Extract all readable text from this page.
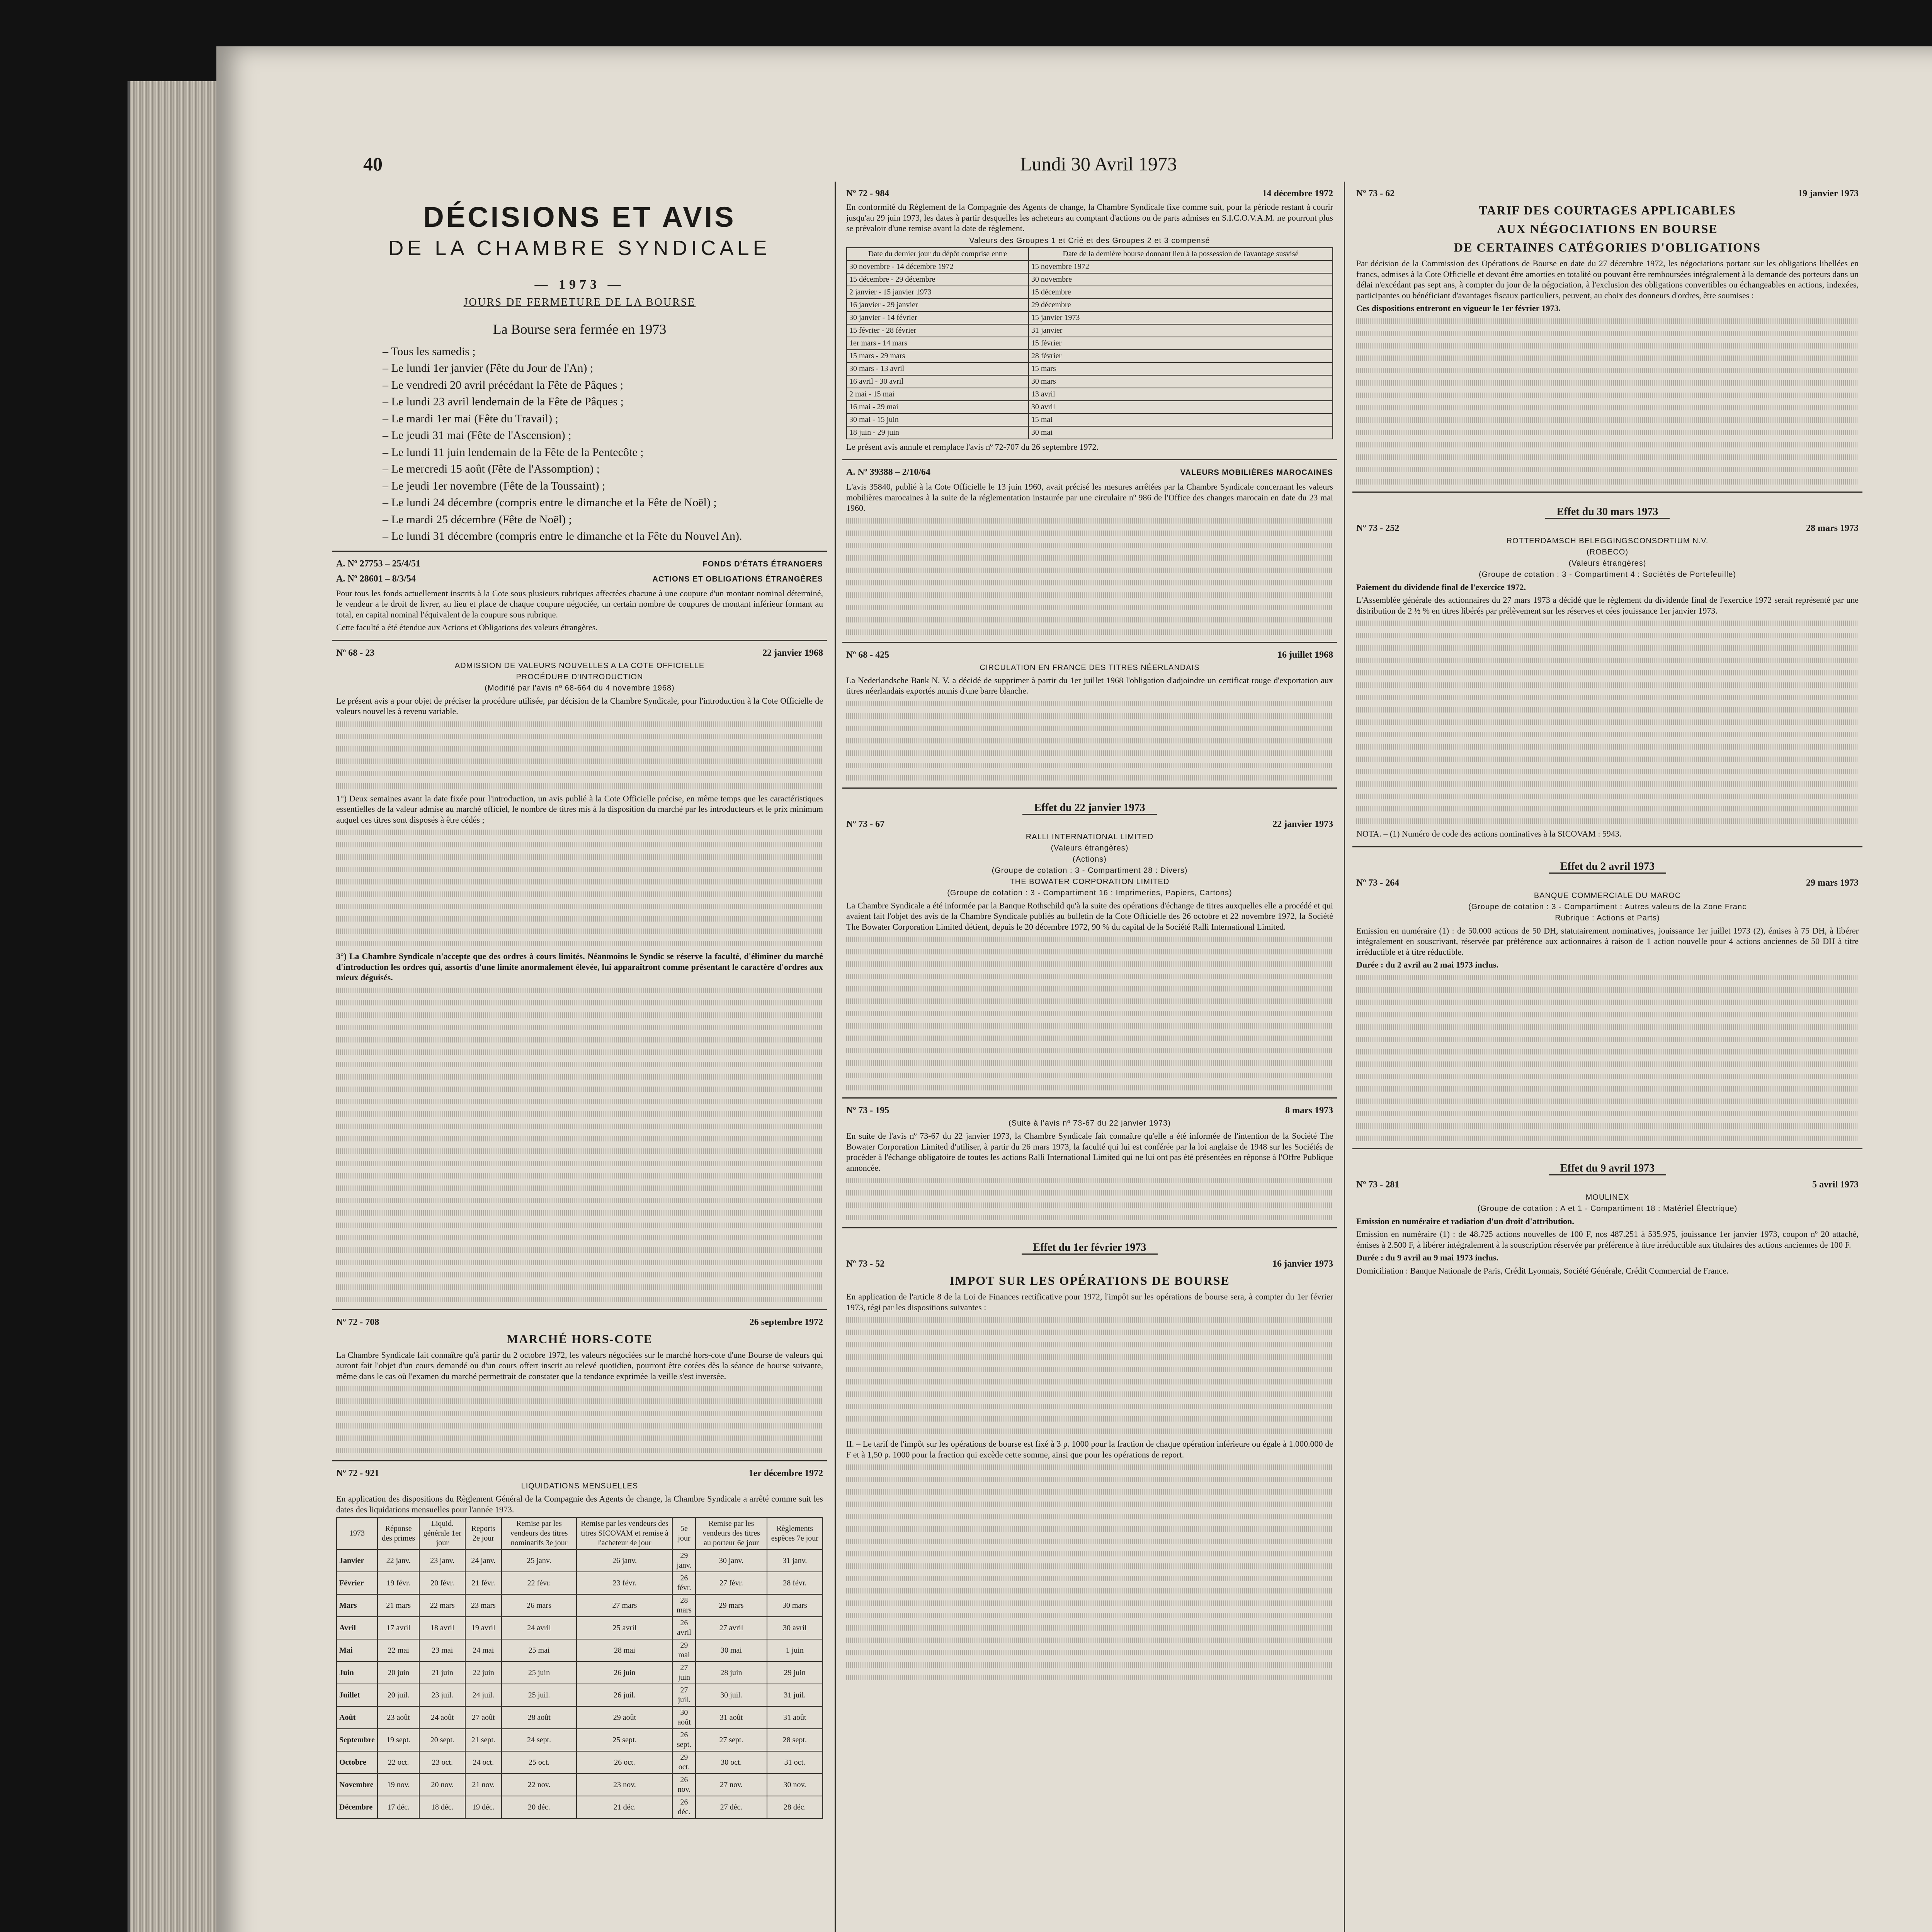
40	Lundi 30 Avril 1973
DÉCISIONS ET AVIS
DE LA CHAMBRE SYNDICALE
— 1973 —
JOURS DE FERMETURE DE LA BOURSE
La Bourse sera fermée en 1973
– Tous les samedis ;
– Le lundi 1er janvier (Fête du Jour de l'An) ;
– Le vendredi 20 avril précédant la Fête de Pâques ;
– Le lundi 23 avril lendemain de la Fête de Pâques ;
– Le mardi 1er mai (Fête du Travail) ;
– Le jeudi 31 mai (Fête de l'Ascension) ;
– Le lundi 11 juin lendemain de la Fête de la Pentecôte ;
– Le mercredi 15 août (Fête de l'Assomption) ;
– Le jeudi 1er novembre (Fête de la Toussaint) ;
– Le lundi 24 décembre (compris entre le dimanche et la Fête de Noël) ;
– Le mardi 25 décembre (Fête de Noël) ;
– Le lundi 31 décembre (compris entre le dimanche et la Fête du Nouvel An).
A. Nº 27753 – 25/4/51	FONDS D'ÉTATS ÉTRANGERS
A. Nº 28601 – 8/3/54	ACTIONS ET OBLIGATIONS ÉTRANGÈRES

Pour tous les fonds actuellement inscrits à la Cote sous plusieurs rubriques affectées chacune à une coupure d'un montant nominal déterminé, le vendeur a le droit de livrer, au lieu et place de chaque coupure négociée, un certain nombre de coupures de montant inférieur formant au total, en capital nominal l'équivalent de la coupure sous rubrique.

Cette faculté a été étendue aux Actions et Obligations des valeurs étrangères.

Nº 68 - 23	22 janvier 1968
ADMISSION DE VALEURS NOUVELLES A LA COTE OFFICIELLE
PROCÉDURE D'INTRODUCTION
(Modifié par l'avis nº 68-664 du 4 novembre 1968)

Le présent avis a pour objet de préciser la procédure utilisée, par décision de la Chambre Syndicale, pour l'introduction à la Cote Officielle de valeurs nouvelles à revenu variable.

1°) Deux semaines avant la date fixée pour l'introduction, un avis publié à la Cote Officielle précise, en même temps que les caractéristiques essentielles de la valeur admise au marché officiel, le nombre de titres mis à la disposition du marché par les introducteurs et le prix minimum auquel ces titres sont disposés à être cédés ;

3°) La Chambre Syndicale n'accepte que des ordres à cours limités. Néanmoins le Syndic se réserve la faculté, d'éliminer du marché d'introduction les ordres qui, assortis d'une limite anormalement élevée, lui apparaîtront comme présentant le caractère d'ordres aux mieux déguisés.

Nº 72 - 708	26 septembre 1972
MARCHÉ HORS-COTE

La Chambre Syndicale fait connaître qu'à partir du 2 octobre 1972, les valeurs négociées sur le marché hors-cote d'une Bourse de valeurs qui auront fait l'objet d'un cours demandé ou d'un cours offert inscrit au relevé quotidien, pourront être cotées dès la séance de bourse suivante, même dans le cas où l'examen du marché permettrait de constater que la tendance exprimée la veille s'est inversée.

Nº 72 - 921	1er décembre 1972
LIQUIDATIONS MENSUELLES

En application des dispositions du Règlement Général de la Compagnie des Agents de change, la Chambre Syndicale a arrêté comme suit les dates des liquidations mensuelles pour l'année 1973.

1973	Réponse des primes	Liquid. générale 1er jour	Reports 2e jour	Remise par les vendeurs des titres nominatifs 3e jour	Remise par les vendeurs des titres SICOVAM et remise à l'acheteur 4e jour	5e jour	Remise par les vendeurs des titres au porteur 6e jour	Règlements espèces 7e jour
Janvier	22 janv.	23 janv.	24 janv.	25 janv.	26 janv.	29 janv.	30 janv.	31 janv.
Février	19 févr.	20 févr.	21 févr.	22 févr.	23 févr.	26 févr.	27 févr.	28 févr.
Mars	21 mars	22 mars	23 mars	26 mars	27 mars	28 mars	29 mars	30 mars
Avril	17 avril	18 avril	19 avril	24 avril	25 avril	26 avril	27 avril	30 avril
Mai	22 mai	23 mai	24 mai	25 mai	28 mai	29 mai	30 mai	1 juin
Juin	20 juin	21 juin	22 juin	25 juin	26 juin	27 juin	28 juin	29 juin
Juillet	20 juil.	23 juil.	24 juil.	25 juil.	26 juil.	27 juil.	30 juil.	31 juil.
Août	23 août	24 août	27 août	28 août	29 août	30 août	31 août	31 août
Septembre	19 sept.	20 sept.	21 sept.	24 sept.	25 sept.	26 sept.	27 sept.	28 sept.
Octobre	22 oct.	23 oct.	24 oct.	25 oct.	26 oct.	29 oct.	30 oct.	31 oct.
Novembre	19 nov.	20 nov.	21 nov.	22 nov.	23 nov.	26 nov.	27 nov.	30 nov.
Décembre	17 déc.	18 déc.	19 déc.	20 déc.	21 déc.	26 déc.	27 déc.	28 déc.
Nº 72 - 984	14 décembre 1972

En conformité du Règlement de la Compagnie des Agents de change, la Chambre Syndicale fixe comme suit, pour la période restant à courir jusqu'au 29 juin 1973, les dates à partir desquelles les acheteurs au comptant d'actions ou de parts admises en S.I.C.O.V.A.M. ne pourront plus se prévaloir d'une remise avant la date de règlement.

Valeurs des Groupes 1 et Crié et des Groupes 2 et 3 compensé
Date du dernier jour du dépôt comprise entre	Date de la dernière bourse donnant lieu à la possession de l'avantage susvisé
30 novembre - 14 décembre 1972	15 novembre 1972
15 décembre - 29 décembre	30 novembre
2 janvier - 15 janvier 1973	15 décembre
16 janvier - 29 janvier	29 décembre
30 janvier - 14 février	15 janvier 1973
15 février - 28 février	31 janvier
1er mars - 14 mars	15 février
15 mars - 29 mars	28 février
30 mars - 13 avril	15 mars
16 avril - 30 avril	30 mars
2 mai - 15 mai	13 avril
16 mai - 29 mai	30 avril
30 mai - 15 juin	15 mai
18 juin - 29 juin	30 mai

Le présent avis annule et remplace l'avis nº 72-707 du 26 septembre 1972.

A. Nº 39388 – 2/10/64	VALEURS MOBILIÈRES MAROCAINES

L'avis 35840, publié à la Cote Officielle le 13 juin 1960, avait précisé les mesures arrêtées par la Chambre Syndicale concernant les valeurs mobilières marocaines à la suite de la réglementation instaurée par une circulaire nº 986 de l'Office des changes marocain en date du 23 mai 1960.

Nº 68 - 425	16 juillet 1968
CIRCULATION EN FRANCE DES TITRES NÉERLANDAIS

La Nederlandsche Bank N. V. a décidé de supprimer à partir du 1er juillet 1968 l'obligation d'adjoindre un certificat rouge d'exportation aux titres néerlandais exportés munis d'une barre blanche.

Effet du 22 janvier 1973
Nº 73 - 67	22 janvier 1973
RALLI INTERNATIONAL LIMITED
(Valeurs étrangères)
(Actions)
(Groupe de cotation : 3 - Compartiment 28 : Divers)
THE BOWATER CORPORATION LIMITED
(Groupe de cotation : 3 - Compartiment 16 : Imprimeries, Papiers, Cartons)

La Chambre Syndicale a été informée par la Banque Rothschild qu'à la suite des opérations d'échange de titres auxquelles elle a procédé et qui avaient fait l'objet des avis de la Chambre Syndicale publiés au bulletin de la Cote Officielle des 26 octobre et 22 novembre 1972, la Société The Bowater Corporation Limited détient, depuis le 20 décembre 1972, 90 % du capital de la Société Ralli International Limited.

Nº 73 - 195	8 mars 1973
(Suite à l'avis nº 73-67 du 22 janvier 1973)

En suite de l'avis nº 73-67 du 22 janvier 1973, la Chambre Syndicale fait connaître qu'elle a été informée de l'intention de la Société The Bowater Corporation Limited d'utiliser, à partir du 26 mars 1973, la faculté qui lui est conférée par la loi anglaise de 1948 sur les Sociétés de procéder à l'échange obligatoire de toutes les actions Ralli International Limited qui ne lui ont pas été présentées en réponse à l'Offre Publique annoncée.

Effet du 1er février 1973
Nº 73 - 52	16 janvier 1973
IMPOT SUR LES OPÉRATIONS DE BOURSE

En application de l'article 8 de la Loi de Finances rectificative pour 1972, l'impôt sur les opérations de bourse sera, à compter du 1er février 1973, régi par les dispositions suivantes :

II. – Le tarif de l'impôt sur les opérations de bourse est fixé à 3 p. 1000 pour la fraction de chaque opération inférieure ou égale à 1.000.000 de F et à 1,50 p. 1000 pour la fraction qui excède cette somme, ainsi que pour les opérations de report.

Nº 73 - 62	19 janvier 1973
TARIF DES COURTAGES APPLICABLES
AUX NÉGOCIATIONS EN BOURSE
DE CERTAINES CATÉGORIES D'OBLIGATIONS

Par décision de la Commission des Opérations de Bourse en date du 27 décembre 1972, les négociations portant sur les obligations libellées en francs, admises à la Cote Officielle et devant être amorties en totalité ou pouvant être remboursées intégralement à la demande des porteurs dans un délai n'excédant pas sept ans, à compter du jour de la négociation, à l'exclusion des obligations convertibles ou échangeables en actions, indexées, participantes ou bénéficiant d'avantages fiscaux particuliers, peuvent, au choix des donneurs d'ordres, être soumises :

Ces dispositions entreront en vigueur le 1er février 1973.

Effet du 30 mars 1973
Nº 73 - 252	28 mars 1973
ROTTERDAMSCH BELEGGINGSCONSORTIUM N.V.
(ROBECO)
(Valeurs étrangères)
(Groupe de cotation : 3 - Compartiment 4 : Sociétés de Portefeuille)

Paiement du dividende final de l'exercice 1972.

L'Assemblée générale des actionnaires du 27 mars 1973 a décidé que le règlement du dividende final de l'exercice 1972 serait représenté par une distribution de 2 ½ % en titres libérés par prélèvement sur les réserves et cées jouissance 1er janvier 1973.

NOTA. – (1) Numéro de code des actions nominatives à la SICOVAM : 5943.

Effet du 2 avril 1973
Nº 73 - 264	29 mars 1973
BANQUE COMMERCIALE DU MAROC
(Groupe de cotation : 3 - Compartiment : Autres valeurs de la Zone Franc
Rubrique : Actions et Parts)

Emission en numéraire (1) : de 50.000 actions de 50 DH, statutairement nominatives, jouissance 1er juillet 1973 (2), émises à 75 DH, à libérer intégralement en souscrivant, réservée par préférence aux actionnaires à raison de 1 action nouvelle pour 4 actions anciennes de 50 DH à titre irréductible et à titre réductible.

Durée : du 2 avril au 2 mai 1973 inclus.

Effet du 9 avril 1973
Nº 73 - 281	5 avril 1973
MOULINEX
(Groupe de cotation : A et 1 - Compartiment 18 : Matériel Électrique)

Emission en numéraire et radiation d'un droit d'attribution.

Emission en numéraire (1) : de 48.725 actions nouvelles de 100 F, nos 487.251 à 535.975, jouissance 1er janvier 1973, coupon nº 20 attaché, émises à 2.500 F, à libérer intégralement à la souscription réservée par préférence à titre irréductible aux titulaires des actions anciennes de 100 F.

Durée : du 9 avril au 9 mai 1973 inclus.

Domiciliation : Banque Nationale de Paris, Crédit Lyonnais, Société Générale, Crédit Commercial de France.
